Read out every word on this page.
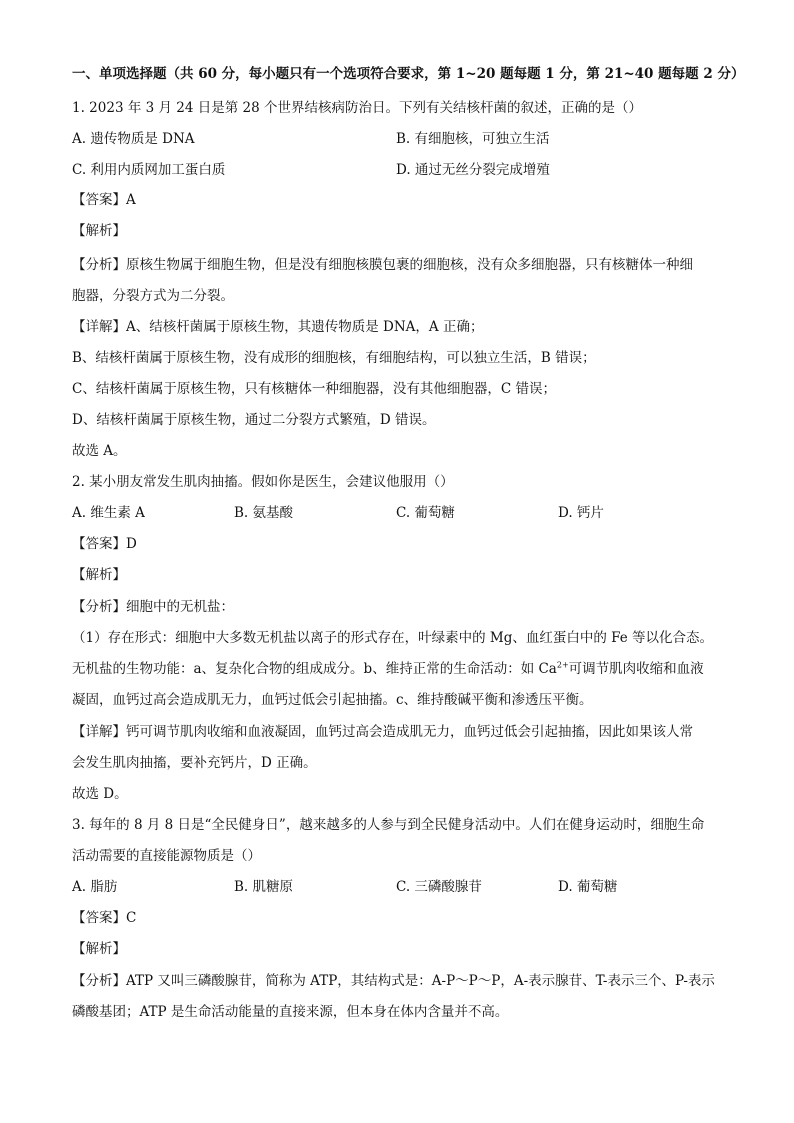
一、单项选择题（共 60 分，每小题只有一个选项符合要求，第 1~20 题每题 1 分，第 21~40 题每题 2 分）
1. 2023 年 3 月 24 日是第 28 个世界结核病防治日。下列有关结核杆菌的叙述，正确的是（）
A. 遗传物质是 DNA	B. 有细胞核，可独立生活
C. 利用内质网加工蛋白质	D. 通过无丝分裂完成增殖
【答案】A
【解析】
【分析】原核生物属于细胞生物，但是没有细胞核膜包裹的细胞核，没有众多细胞器，只有核糖体一种细
胞器，分裂方式为二分裂。
【详解】A、结核杆菌属于原核生物，其遗传物质是 DNA，A 正确；
B、结核杆菌属于原核生物，没有成形的细胞核，有细胞结构，可以独立生活，B 错误；
C、结核杆菌属于原核生物，只有核糖体一种细胞器，没有其他细胞器，C 错误；
D、结核杆菌属于原核生物，通过二分裂方式繁殖，D 错误。
故选 A。
2. 某小朋友常发生肌肉抽搐。假如你是医生，会建议他服用（）
A. 维生素 A	B. 氨基酸	C. 葡萄糖	D. 钙片
【答案】D
【解析】
【分析】细胞中的无机盐：
（1）存在形式：细胞中大多数无机盐以离子的形式存在，叶绿素中的 Mg、血红蛋白中的 Fe 等以化合态。
无机盐的生物功能：a、复杂化合物的组成成分。b、维持正常的生命活动：如 $Ca^{2+}$可调节肌肉收缩和血液
凝固，血钙过高会造成肌无力，血钙过低会引起抽搐。c、维持酸碱平衡和渗透压平衡。
【详解】钙可调节肌肉收缩和血液凝固，血钙过高会造成肌无力，血钙过低会引起抽搐，因此如果该人常
会发生肌肉抽搐，要补充钙片，D 正确。
故选 D。
3. 每年的 8 月 8 日是“全民健身日”，越来越多的人参与到全民健身活动中。人们在健身运动时，细胞生命
活动需要的直接能源物质是（）
A. 脂肪	B. 肌糖原	C. 三磷酸腺苷	D. 葡萄糖
【答案】C
【解析】
【分析】ATP 又叫三磷酸腺苷，简称为 ATP，其结构式是：A-P～P～P，A-表示腺苷、T-表示三个、P-表示
磷酸基团；ATP 是生命活动能量的直接来源，但本身在体内含量并不高。
